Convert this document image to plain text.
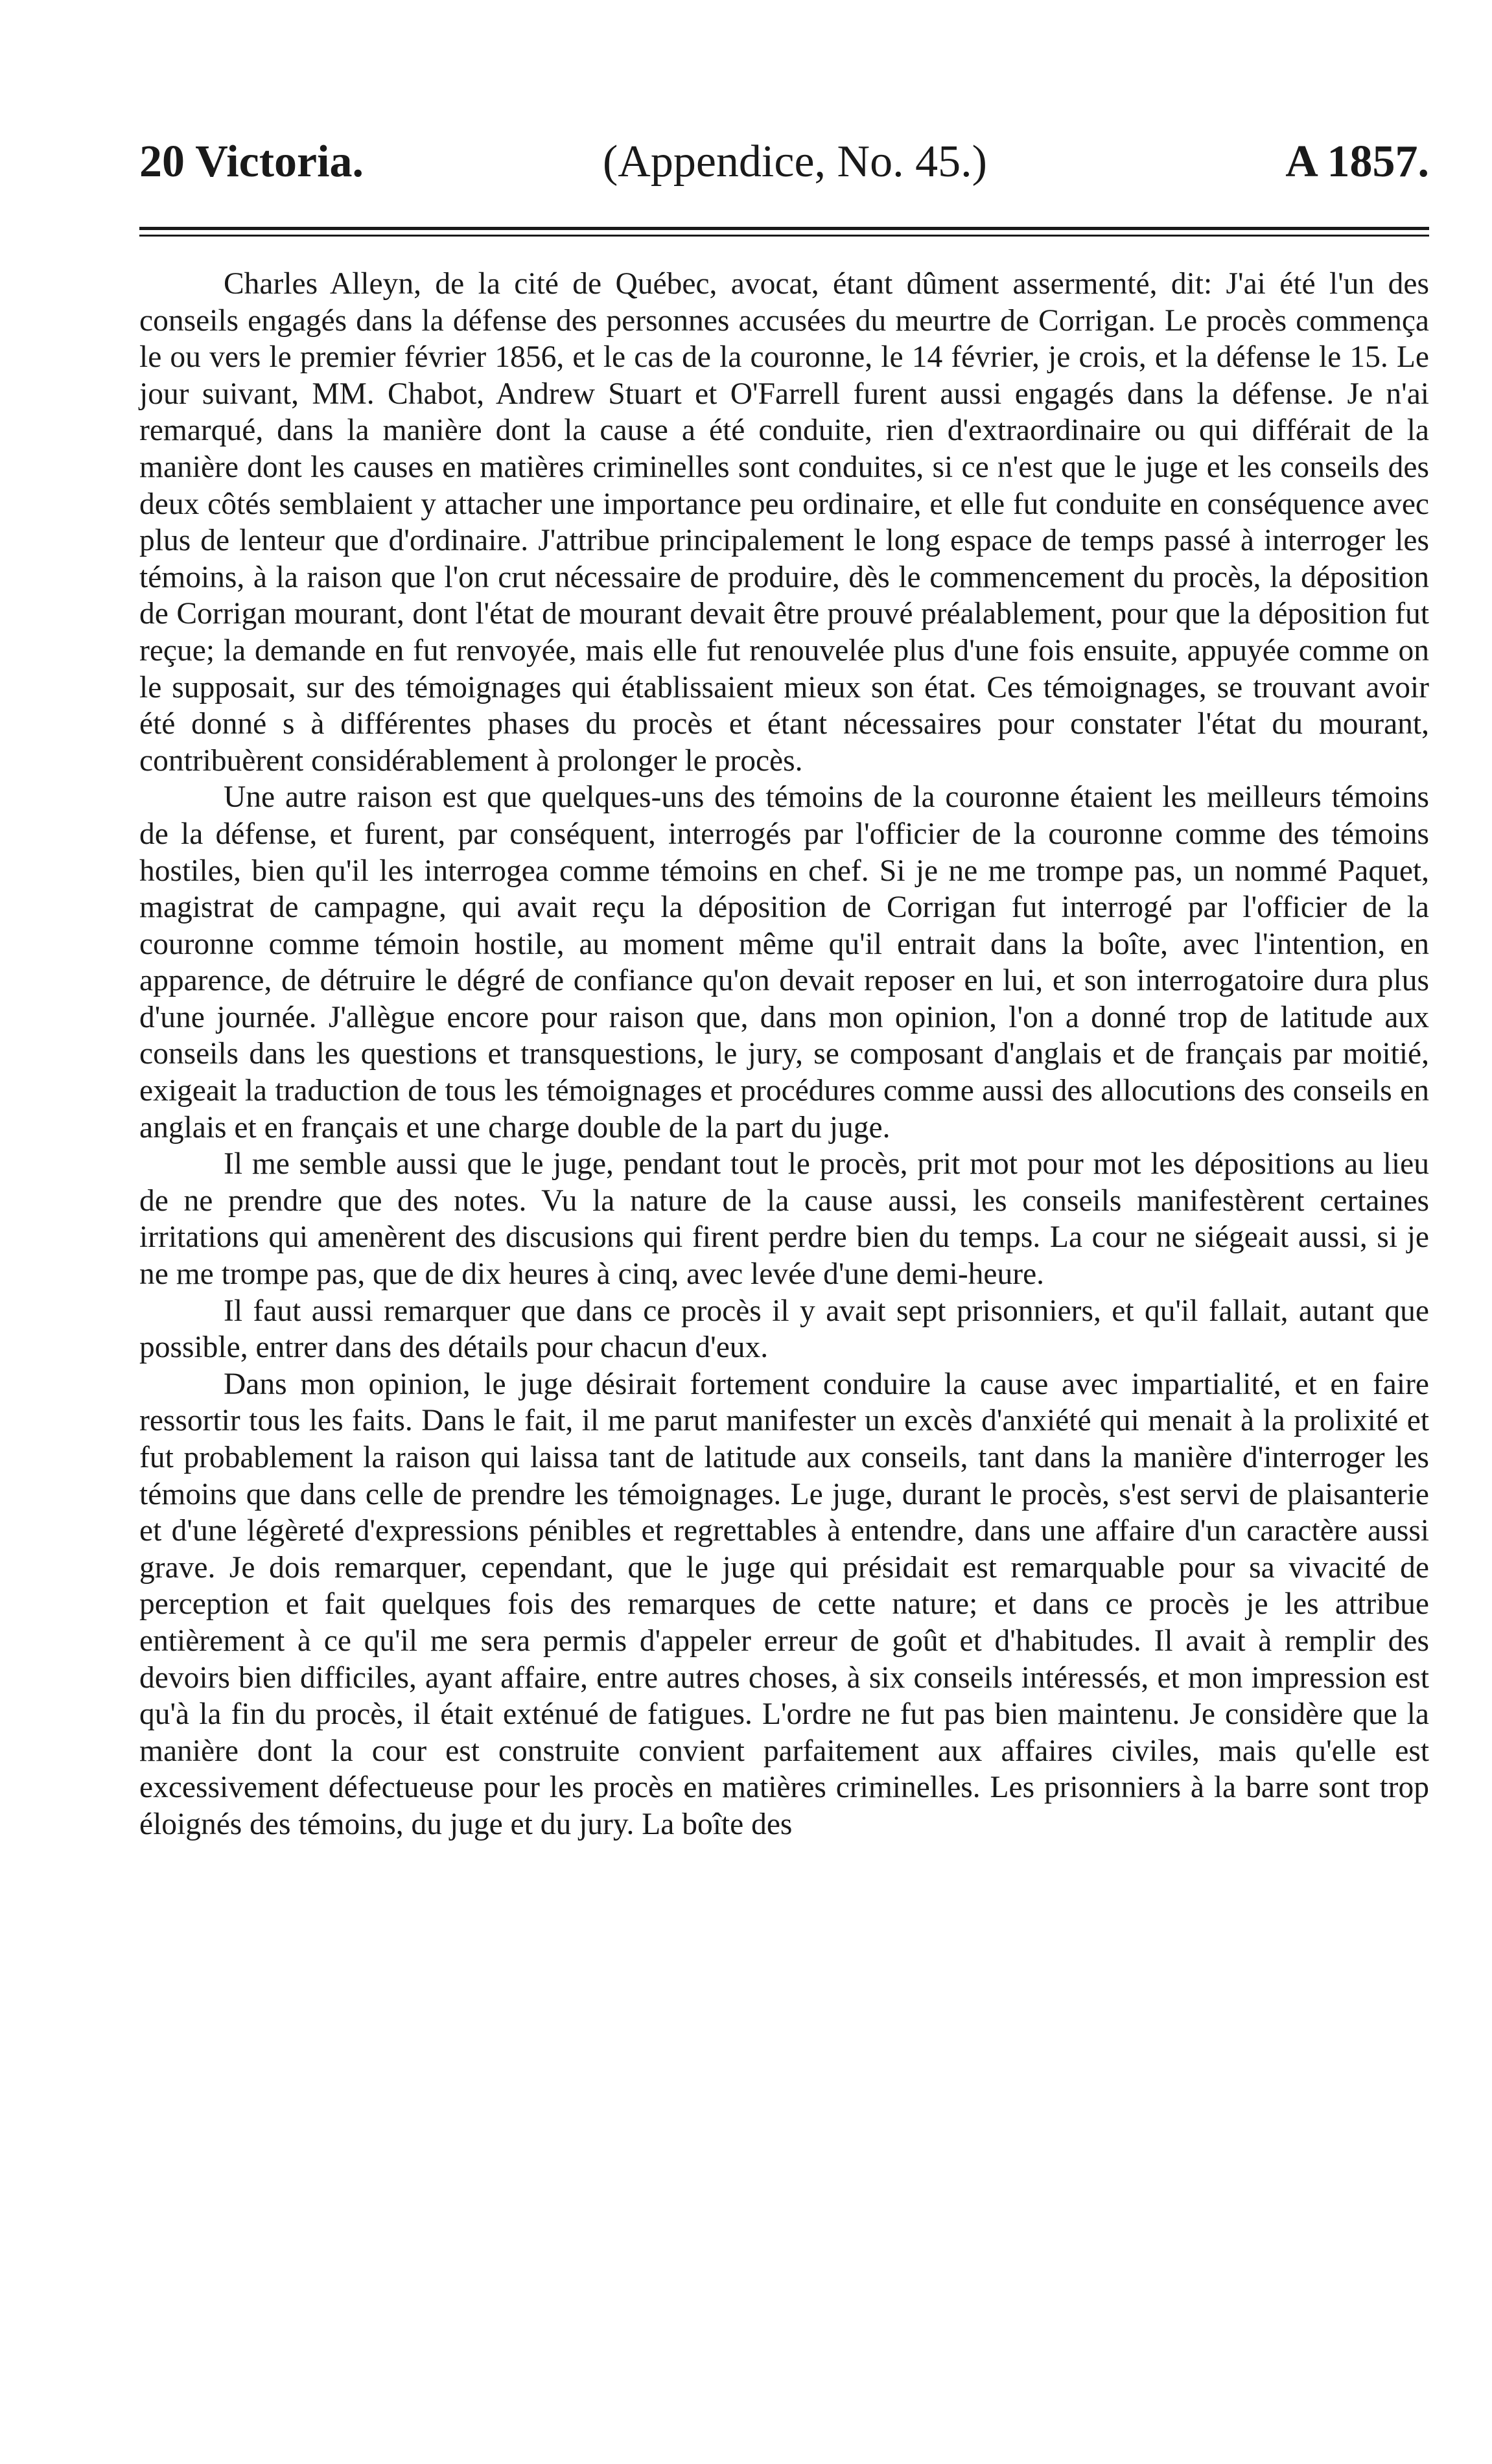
20 Victoria.	(Appendice, No. 45.)	A 1857.

Charles Alleyn, de la cité de Québec, avocat, étant dûment assermenté, dit: J'ai été l'un des conseils engagés dans la défense des personnes accusées du meurtre de Corrigan. Le procès commença le ou vers le premier février 1856, et le cas de la couronne, le 14 février, je crois, et la défense le 15. Le jour suivant, MM. Chabot, Andrew Stuart et O'Farrell furent aussi engagés dans la défense. Je n'ai remarqué, dans la manière dont la cause a été conduite, rien d'extraordinaire ou qui différait de la manière dont les causes en matières criminelles sont conduites, si ce n'est que le juge et les conseils des deux côtés semblaient y attacher une importance peu ordinaire, et elle fut conduite en conséquence avec plus de lenteur que d'ordinaire. J'attribue principalement le long espace de temps passé à interroger les témoins, à la raison que l'on crut nécessaire de produire, dès le commencement du procès, la déposition de Corrigan mourant, dont l'état de mourant devait être prouvé préalablement, pour que la déposition fut reçue; la demande en fut renvoyée, mais elle fut renouvelée plus d'une fois ensuite, appuyée comme on le supposait, sur des témoignages qui établissaient mieux son état. Ces témoignages, se trouvant avoir été donné s à différentes phases du procès et étant nécessaires pour constater l'état du mourant, contribuèrent considérablement à prolonger le procès.

Une autre raison est que quelques-uns des témoins de la couronne étaient les meilleurs témoins de la défense, et furent, par conséquent, interrogés par l'officier de la couronne comme des témoins hostiles, bien qu'il les interrogea comme témoins en chef. Si je ne me trompe pas, un nommé Paquet, magistrat de campagne, qui avait reçu la déposition de Corrigan fut interrogé par l'officier de la couronne comme témoin hostile, au moment même qu'il entrait dans la boîte, avec l'intention, en apparence, de détruire le dégré de confiance qu'on devait reposer en lui, et son interrogatoire dura plus d'une journée. J'allègue encore pour raison que, dans mon opinion, l'on a donné trop de latitude aux conseils dans les questions et transquestions, le jury, se composant d'anglais et de français par moitié, exigeait la traduction de tous les témoignages et procédures comme aussi des allocutions des conseils en anglais et en français et une charge double de la part du juge.

Il me semble aussi que le juge, pendant tout le procès, prit mot pour mot les dépositions au lieu de ne prendre que des notes. Vu la nature de la cause aussi, les conseils manifestèrent certaines irritations qui amenèrent des discusions qui firent perdre bien du temps. La cour ne siégeait aussi, si je ne me trompe pas, que de dix heures à cinq, avec levée d'une demi-heure.

Il faut aussi remarquer que dans ce procès il y avait sept prisonniers, et qu'il fallait, autant que possible, entrer dans des détails pour chacun d'eux.

Dans mon opinion, le juge désirait fortement conduire la cause avec impartialité, et en faire ressortir tous les faits. Dans le fait, il me parut manifester un excès d'anxiété qui menait à la prolixité et fut probablement la raison qui laissa tant de latitude aux conseils, tant dans la manière d'interroger les témoins que dans celle de prendre les témoignages. Le juge, durant le procès, s'est servi de plaisanterie et d'une légèreté d'expressions pénibles et regrettables à entendre, dans une affaire d'un caractère aussi grave. Je dois remarquer, cependant, que le juge qui présidait est remarquable pour sa vivacité de perception et fait quelques fois des remarques de cette nature; et dans ce procès je les attribue entièrement à ce qu'il me sera permis d'appeler erreur de goût et d'habitudes. Il avait à remplir des devoirs bien difficiles, ayant affaire, entre autres choses, à six conseils intéressés, et mon impression est qu'à la fin du procès, il était exténué de fatigues. L'ordre ne fut pas bien maintenu. Je considère que la manière dont la cour est construite convient parfaitement aux affaires civiles, mais qu'elle est excessivement défectueuse pour les procès en matières criminelles. Les prisonniers à la barre sont trop éloignés des témoins, du juge et du jury. La boîte des
